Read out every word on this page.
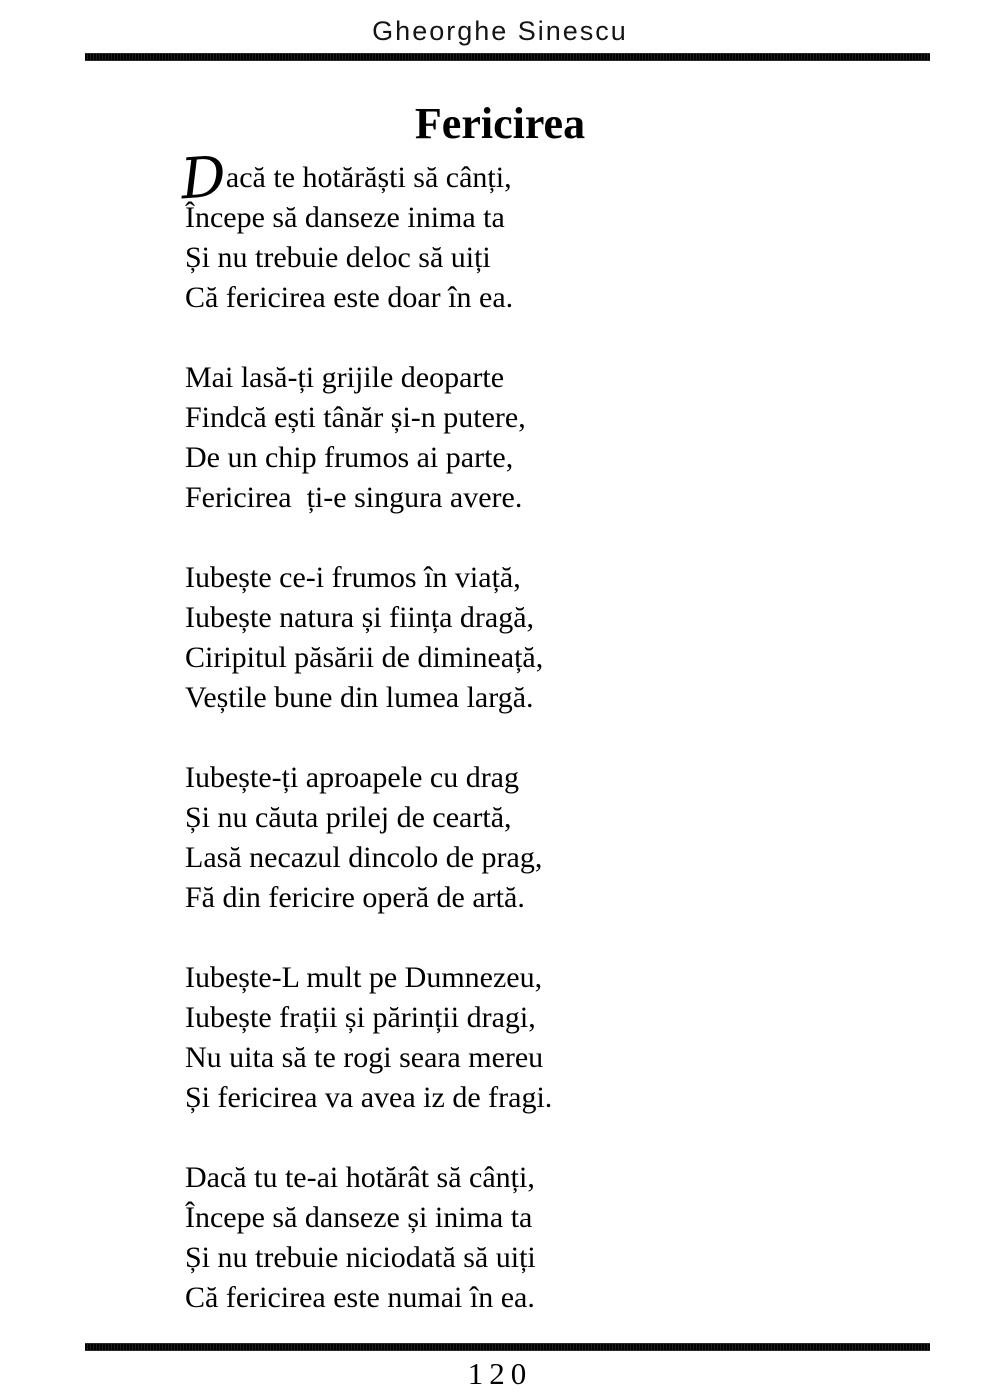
Gheorghe Sinescu
Fericirea

Dacă te hotărăști să cânți,

Începe să danseze inima ta

Și nu trebuie deloc să uiți

Că fericirea este doar în ea.

Mai lasă-ți grijile deoparte

Findcă ești tânăr și-n putere,

De un chip frumos ai parte,

Fericirea  ți-e singura avere.

Iubește ce-i frumos în viață,

Iubește natura și ființa dragă,

Ciripitul păsării de dimineață,

Veștile bune din lumea largă.

Iubește-ți aproapele cu drag

Și nu căuta prilej de ceartă,

Lasă necazul dincolo de prag,

Fă din fericire operă de artă.

Iubește-L mult pe Dumnezeu,

Iubește frații și părinții dragi,

Nu uita să te rogi seara mereu

Și fericirea va avea iz de fragi.

Dacă tu te-ai hotărât să cânți,

Începe să danseze și inima ta

Și nu trebuie niciodată să uiți

Că fericirea este numai în ea.

120
